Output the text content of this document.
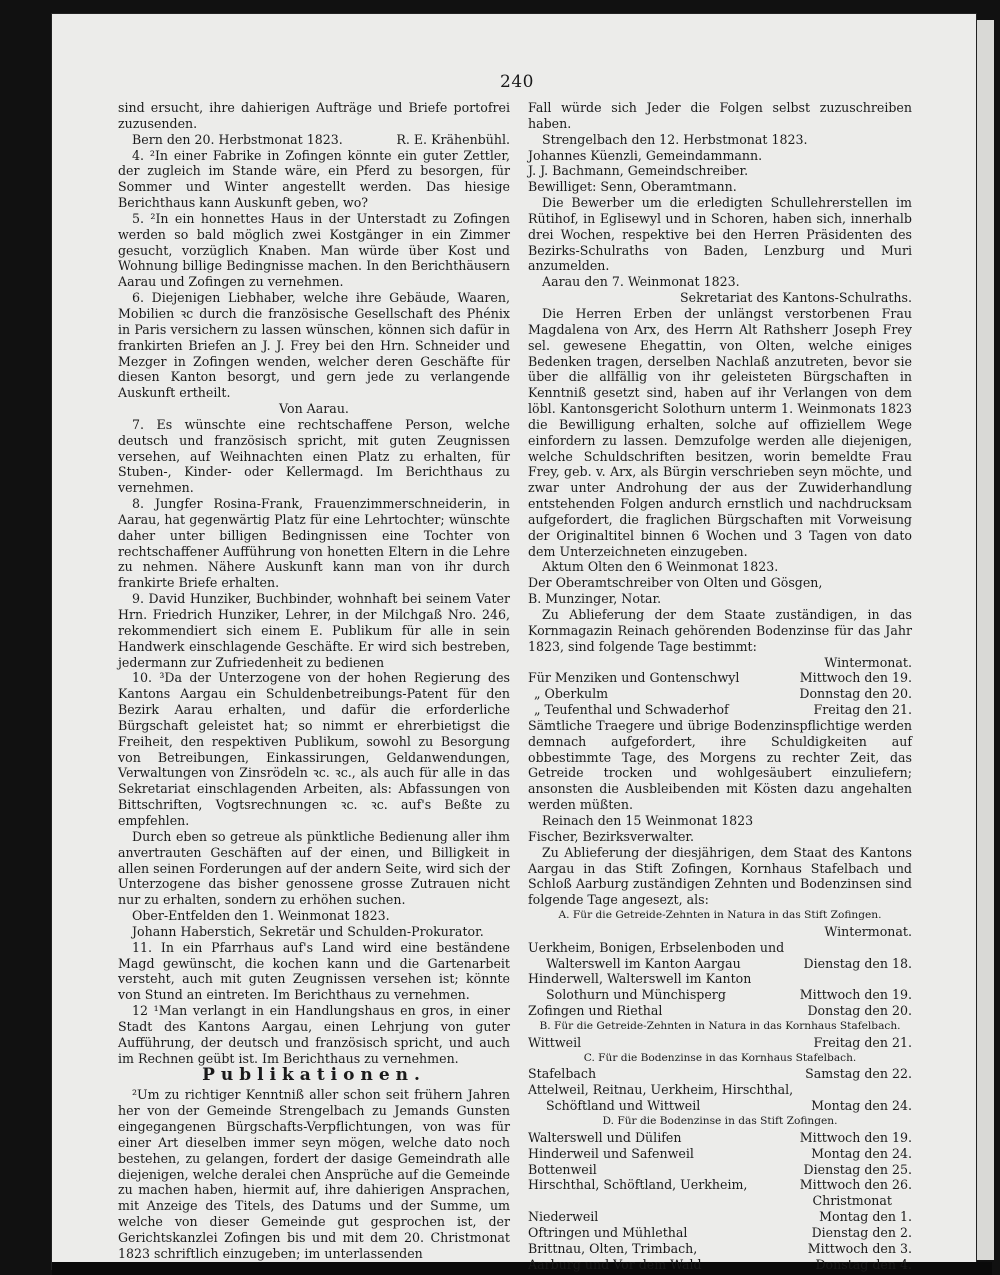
240

sind ersucht, ihre dahierigen Aufträge und Briefe portofrei zuzusenden.

Bern den 20. Herbstmonat 1823.	R. E. Krähenbühl.

4. ²In einer Fabrike in Zofingen könnte ein guter Zettler, der zugleich im Stande wäre, ein Pferd zu besorgen, für Sommer und Winter angestellt werden. Das hiesige Berichthaus kann Auskunft geben, wo?

5. ²In ein honnettes Haus in der Unterstadt zu Zofingen werden so bald möglich zwei Kostgänger in ein Zimmer gesucht, vorzüglich Knaben. Man würde über Kost und Wohnung billige Bedingnisse machen. In den Berichthäusern Aarau und Zofingen zu vernehmen.

6. Diejenigen Liebhaber, welche ihre Gebäude, Waaren, Mobilien ꝛc durch die französische Gesellschaft des Phénix in Paris versichern zu lassen wünschen, können sich dafür in frankirten Briefen an J. J. Frey bei den Hrn. Schneider und Mezger in Zofingen wenden, welcher deren Geschäfte für diesen Kanton besorgt, und gern jede zu verlangende Auskunft ertheilt.

Von Aarau.

7. Es wünschte eine rechtschaffene Person, welche deutsch und französisch spricht, mit guten Zeugnissen versehen, auf Weihnachten einen Platz zu erhalten, für Stuben-, Kinder- oder Kellermagd. Im Berichthaus zu vernehmen.

8. Jungfer Rosina-Frank, Frauenzimmerschneiderin, in Aarau, hat gegenwärtig Platz für eine Lehrtochter; wünschte daher unter billigen Bedingnissen eine Tochter von rechtschaffener Aufführung von honetten Eltern in die Lehre zu nehmen. Nähere Auskunft kann man von ihr durch frankirte Briefe erhalten.

9. David Hunziker, Buchbinder, wohnhaft bei seinem Vater Hrn. Friedrich Hunziker, Lehrer, in der Milchgaß Nro. 246, rekommendiert sich einem E. Publikum für alle in sein Handwerk einschlagende Geschäfte. Er wird sich bestreben, jedermann zur Zufriedenheit zu bedienen

10. ³Da der Unterzogene von der hohen Regierung des Kantons Aargau ein Schuldenbetreibungs-Patent für den Bezirk Aarau erhalten, und dafür die erforderliche Bürgschaft geleistet hat; so nimmt er ehrerbietigst die Freiheit, den respektiven Publikum, sowohl zu Besorgung von Betreibungen, Einkassirungen, Geldanwendungen, Verwaltungen von Zinsrödeln ꝛc. ꝛc., als auch für alle in das Sekretariat einschlagenden Arbeiten, als: Abfassungen von Bittschriften, Vogtsrechnungen ꝛc. ꝛc. auf's Beßte zu empfehlen.

Durch eben so getreue als pünktliche Bedienung aller ihm anvertrauten Geschäften auf der einen, und Billigkeit in allen seinen Forderungen auf der andern Seite, wird sich der Unterzogene das bisher genossene grosse Zutrauen nicht nur zu erhalten, sondern zu erhöhen suchen.

Ober-Entfelden den 1. Weinmonat 1823.

Johann Haberstich, Sekretär und Schulden-Prokurator.

11. In ein Pfarrhaus auf's Land wird eine beständene Magd gewünscht, die kochen kann und die Gartenarbeit versteht, auch mit guten Zeugnissen versehen ist; könnte von Stund an eintreten. Im Berichthaus zu vernehmen.

12 ¹Man verlangt in ein Handlungshaus en gros, in einer Stadt des Kantons Aargau, einen Lehrjung von guter Aufführung, der deutsch und französisch spricht, und auch im Rechnen geübt ist. Im Berichthaus zu vernehmen.

Publikationen.

²Um zu richtiger Kenntniß aller schon seit frühern Jahren her von der Gemeinde Strengelbach zu Jemands Gunsten eingegangenen Bürgschafts-Verpflichtungen, von was für einer Art dieselben immer seyn mögen, welche dato noch bestehen, zu gelangen, fordert der dasige Gemeindrath alle diejenigen, welche deralei chen Ansprüche auf die Gemeinde zu machen haben, hiermit auf, ihre dahierigen Ansprachen, mit Anzeige des Titels, des Datums und der Summe, um welche von dieser Gemeinde gut gesprochen ist, der Gerichtskanzlei Zofingen bis und mit dem 20. Christmonat 1823 schriftlich einzugeben; im unterlassenden

Fall würde sich Jeder die Folgen selbst zuzuschreiben haben.

Strengelbach den 12. Herbstmonat 1823.

Johannes Küenzli, Gemeindammann.

J. J. Bachmann, Gemeindschreiber.

Bewilliget: Senn, Oberamtmann.

Die Bewerber um die erledigten Schullehrerstellen im Rütihof, in Eglisewyl und in Schoren, haben sich, innerhalb drei Wochen, respektive bei den Herren Präsidenten des Bezirks-Schulraths von Baden, Lenzburg und Muri anzumelden.

Aarau den 7. Weinmonat 1823.

Sekretariat des Kantons-Schulraths.

Die Herren Erben der unlängst verstorbenen Frau Magdalena von Arx, des Herrn Alt Rathsherr Joseph Frey sel. gewesene Ehegattin, von Olten, welche einiges Bedenken tragen, derselben Nachlaß anzutreten, bevor sie über die allfällig von ihr geleisteten Bürgschaften in Kenntniß gesetzt sind, haben auf ihr Verlangen von dem löbl. Kantonsgericht Solothurn unterm 1. Weinmonats 1823 die Bewilligung erhalten, solche auf offiziellem Wege einfordern zu lassen. Demzufolge werden alle diejenigen, welche Schuldschriften besitzen, worin bemeldte Frau Frey, geb. v. Arx, als Bürgin verschrieben seyn möchte, und zwar unter Androhung der aus der Zuwiderhandlung entstehenden Folgen andurch ernstlich und nachdrucksam aufgefordert, die fraglichen Bürgschaften mit Vorweisung der Originaltitel binnen 6 Wochen und 3 Tagen von dato dem Unterzeichneten einzugeben.

Aktum Olten den 6 Weinmonat 1823.

Der Oberamtschreiber von Olten und Gösgen,

B. Munzinger, Notar.

Zu Ablieferung der dem Staate zuständigen, in das Kornmagazin Reinach gehörenden Bodenzinse für das Jahr 1823, sind folgende Tage bestimmt:

Wintermonat.

Für Menziken und Gontenschwyl	Mittwoch den 19.
„ Oberkulm	Donnstag den 20.
„ Teufenthal und Schwaderhof	Freitag den 21.

Sämtliche Traegere und übrige Bodenzinspflichtige werden demnach aufgefordert, ihre Schuldigkeiten auf obbestimmte Tage, des Morgens zu rechter Zeit, das Getreide trocken und wohlgesäubert einzuliefern; ansonsten die Ausbleibenden mit Kösten dazu angehalten werden müßten.

Reinach den 15 Weinmonat 1823

Fischer, Bezirksverwalter.

Zu Ablieferung der diesjährigen, dem Staat des Kantons Aargau in das Stift Zofingen, Kornhaus Stafelbach und Schloß Aarburg zuständigen Zehnten und Bodenzinsen sind folgende Tage angesezt, als:

A. Für die Getreide-Zehnten in Natura in das Stift Zofingen.

Wintermonat.

Uerkheim, Bonigen, Erbselenboden und
Walterswell im Kanton Aargau	Dienstag den 18.
Hinderwell, Walterswell im Kanton
Solothurn und Münchisperg	Mittwoch den 19.
Zofingen und Riethal	Donstag den 20.

B. Für die Getreide-Zehnten in Natura in das Kornhaus Stafelbach.

Wittweil	Freitag den 21.

C. Für die Bodenzinse in das Kornhaus Stafelbach.

Stafelbach	Samstag den 22.
Attelweil, Reitnau, Uerkheim, Hirschthal,
Schöftland und Wittweil	Montag den 24.

D. Für die Bodenzinse in das Stift Zofingen.

Walterswell und Dülifen	Mittwoch den 19.
Hinderweil und Safenweil	Montag den 24.
Bottenweil	Dienstag den 25.
Hirschthal, Schöftland, Uerkheim,	Mittwoch den 26.

Christmonat

Niederweil	Montag den 1.
Oftringen und Mühlethal	Dienstag den 2.
Brittnau, Olten, Trimbach,	Mittwoch den 3.
Aarburg und Vor dem Wald	Donstag den 4.
